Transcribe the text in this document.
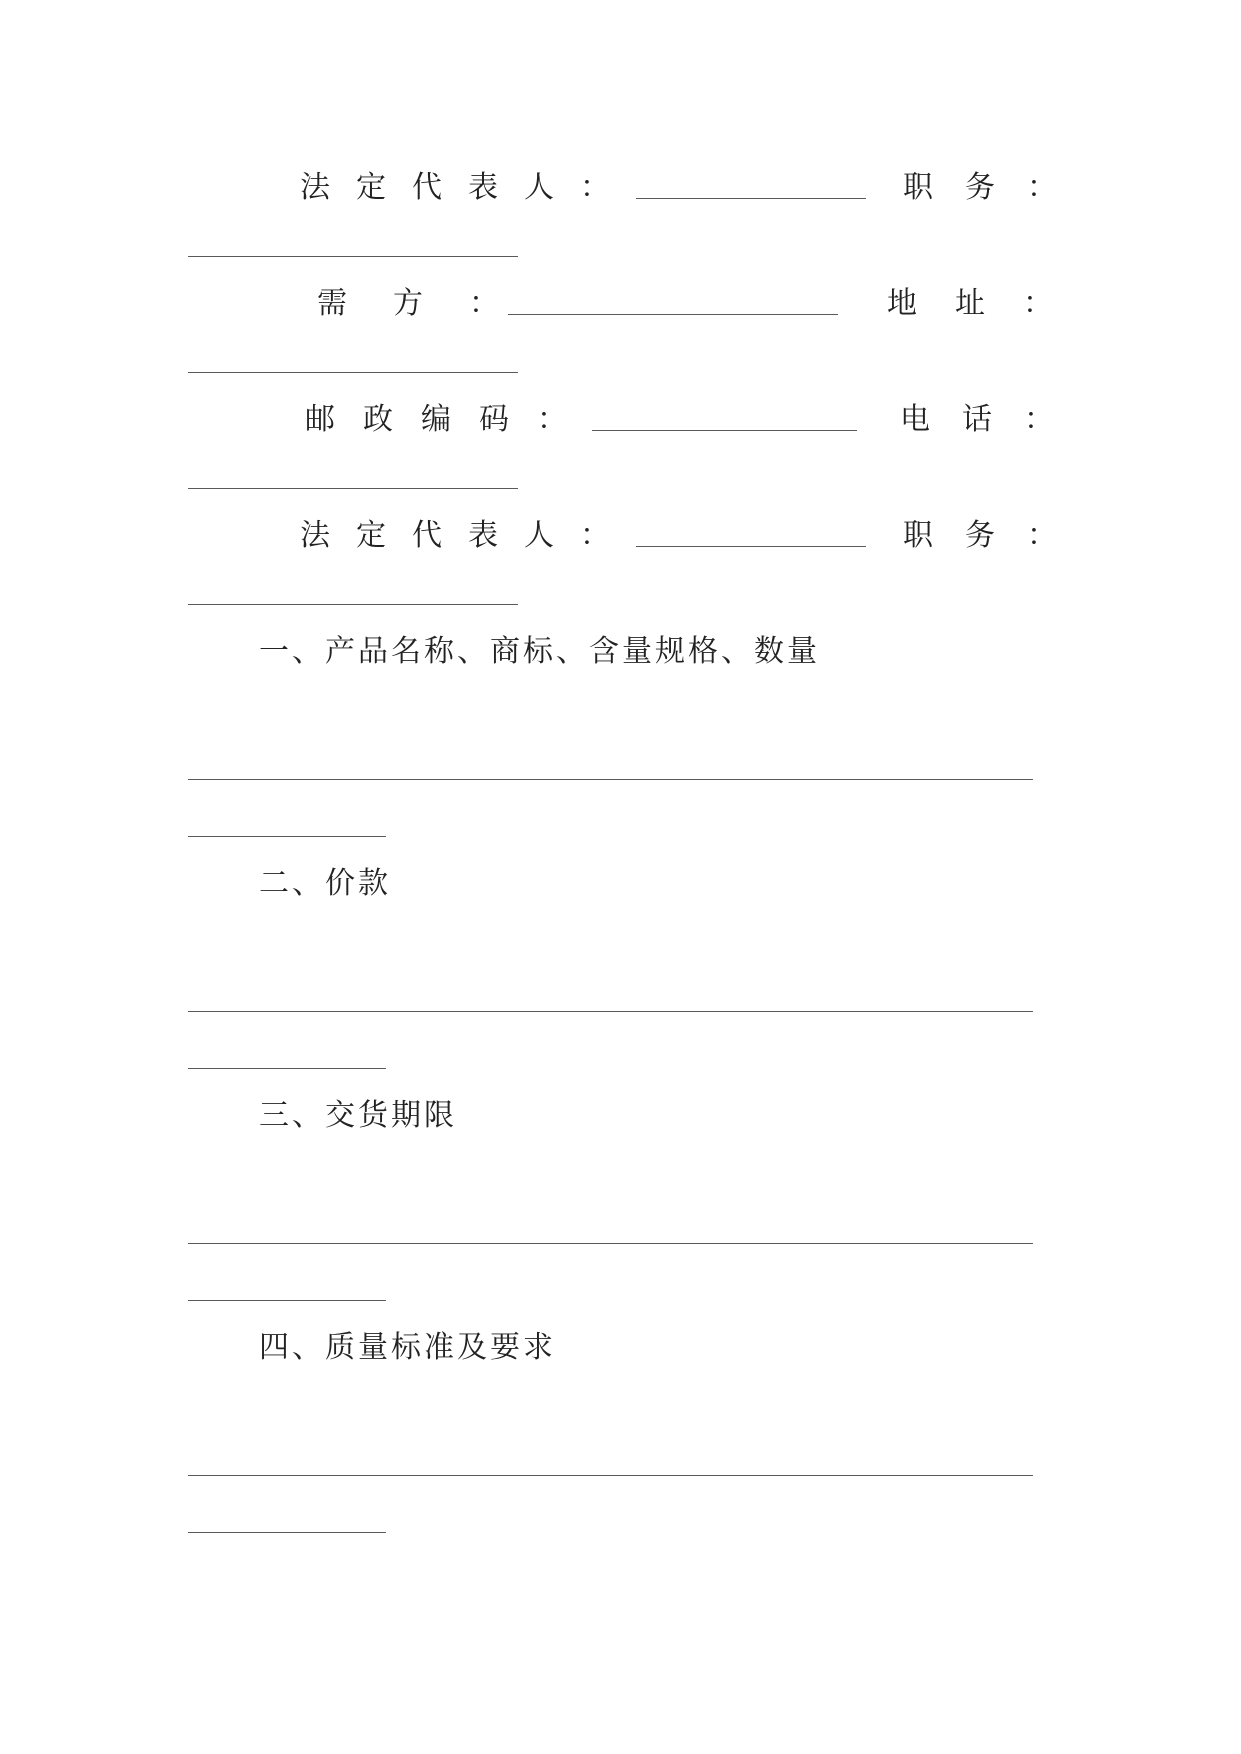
法定代表人：	职务：
需方：	地址：
邮政编码：	电话：
法定代表人：	职务：
一、产品名称、商标、含量规格、数量
二、价款
三、交货期限
四、质量标准及要求
